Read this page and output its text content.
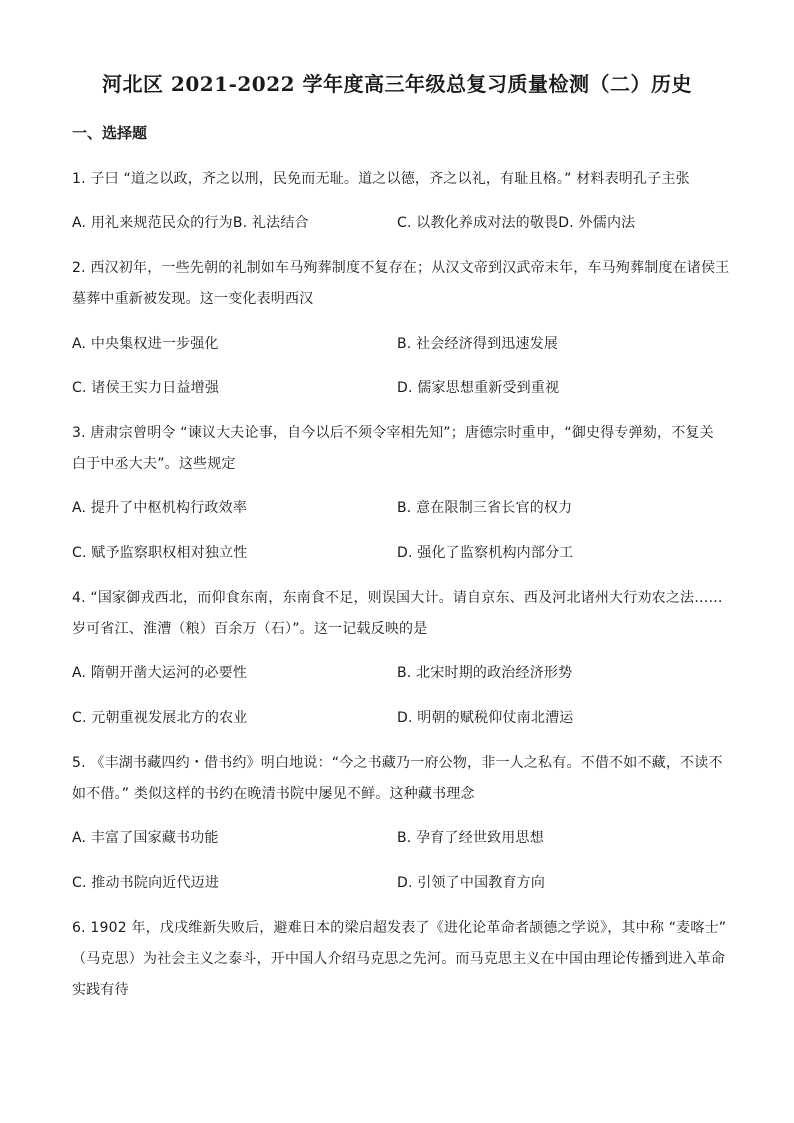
河北区 2021-2022 学年度高三年级总复习质量检测（二）历史
一、选择题
1. 子曰 “道之以政，齐之以刑，民免而无耻。道之以德，齐之以礼，有耻且格。” 材料表明孔子主张
A. 用礼来规范民众的行为B. 礼法结合	C. 以教化养成对法的敬畏D. 外儒内法
2. 西汉初年，一些先朝的礼制如车马殉葬制度不复存在；从汉文帝到汉武帝末年，车马殉葬制度在诸侯王
墓葬中重新被发现。这一变化表明西汉
A. 中央集权进一步强化	B. 社会经济得到迅速发展
C. 诸侯王实力日益增强	D. 儒家思想重新受到重视
3. 唐肃宗曾明令 “谏议大夫论事，自今以后不须令宰相先知”；唐德宗时重申，“御史得专弹劾，不复关
白于中丞大夫”。这些规定
A. 提升了中枢机构行政效率	B. 意在限制三省长官的权力
C. 赋予监察职权相对独立性	D. 强化了监察机构内部分工
4. “国家御戎西北，而仰食东南，东南食不足，则误国大计。请自京东、西及河北诸州大行劝农之法……
岁可省江、淮漕（粮）百余万（石）”。这一记载反映的是
A. 隋朝开凿大运河的必要性	B. 北宋时期的政治经济形势
C. 元朝重视发展北方的农业	D. 明朝的赋税仰仗南北漕运
5. 《丰湖书藏四约・借书约》明白地说：“今之书藏乃一府公物，非一人之私有。不借不如不藏，不读不
如不借。” 类似这样的书约在晚清书院中屡见不鲜。这种藏书理念
A. 丰富了国家藏书功能	B. 孕育了经世致用思想
C. 推动书院向近代迈进	D. 引领了中国教育方向
6. 1902 年，戊戌维新失败后，避难日本的梁启超发表了《进化论革命者颉德之学说》，其中称 “麦喀士”
（马克思）为社会主义之泰斗，开中国人介绍马克思之先河。而马克思主义在中国由理论传播到进入革命
实践有待
